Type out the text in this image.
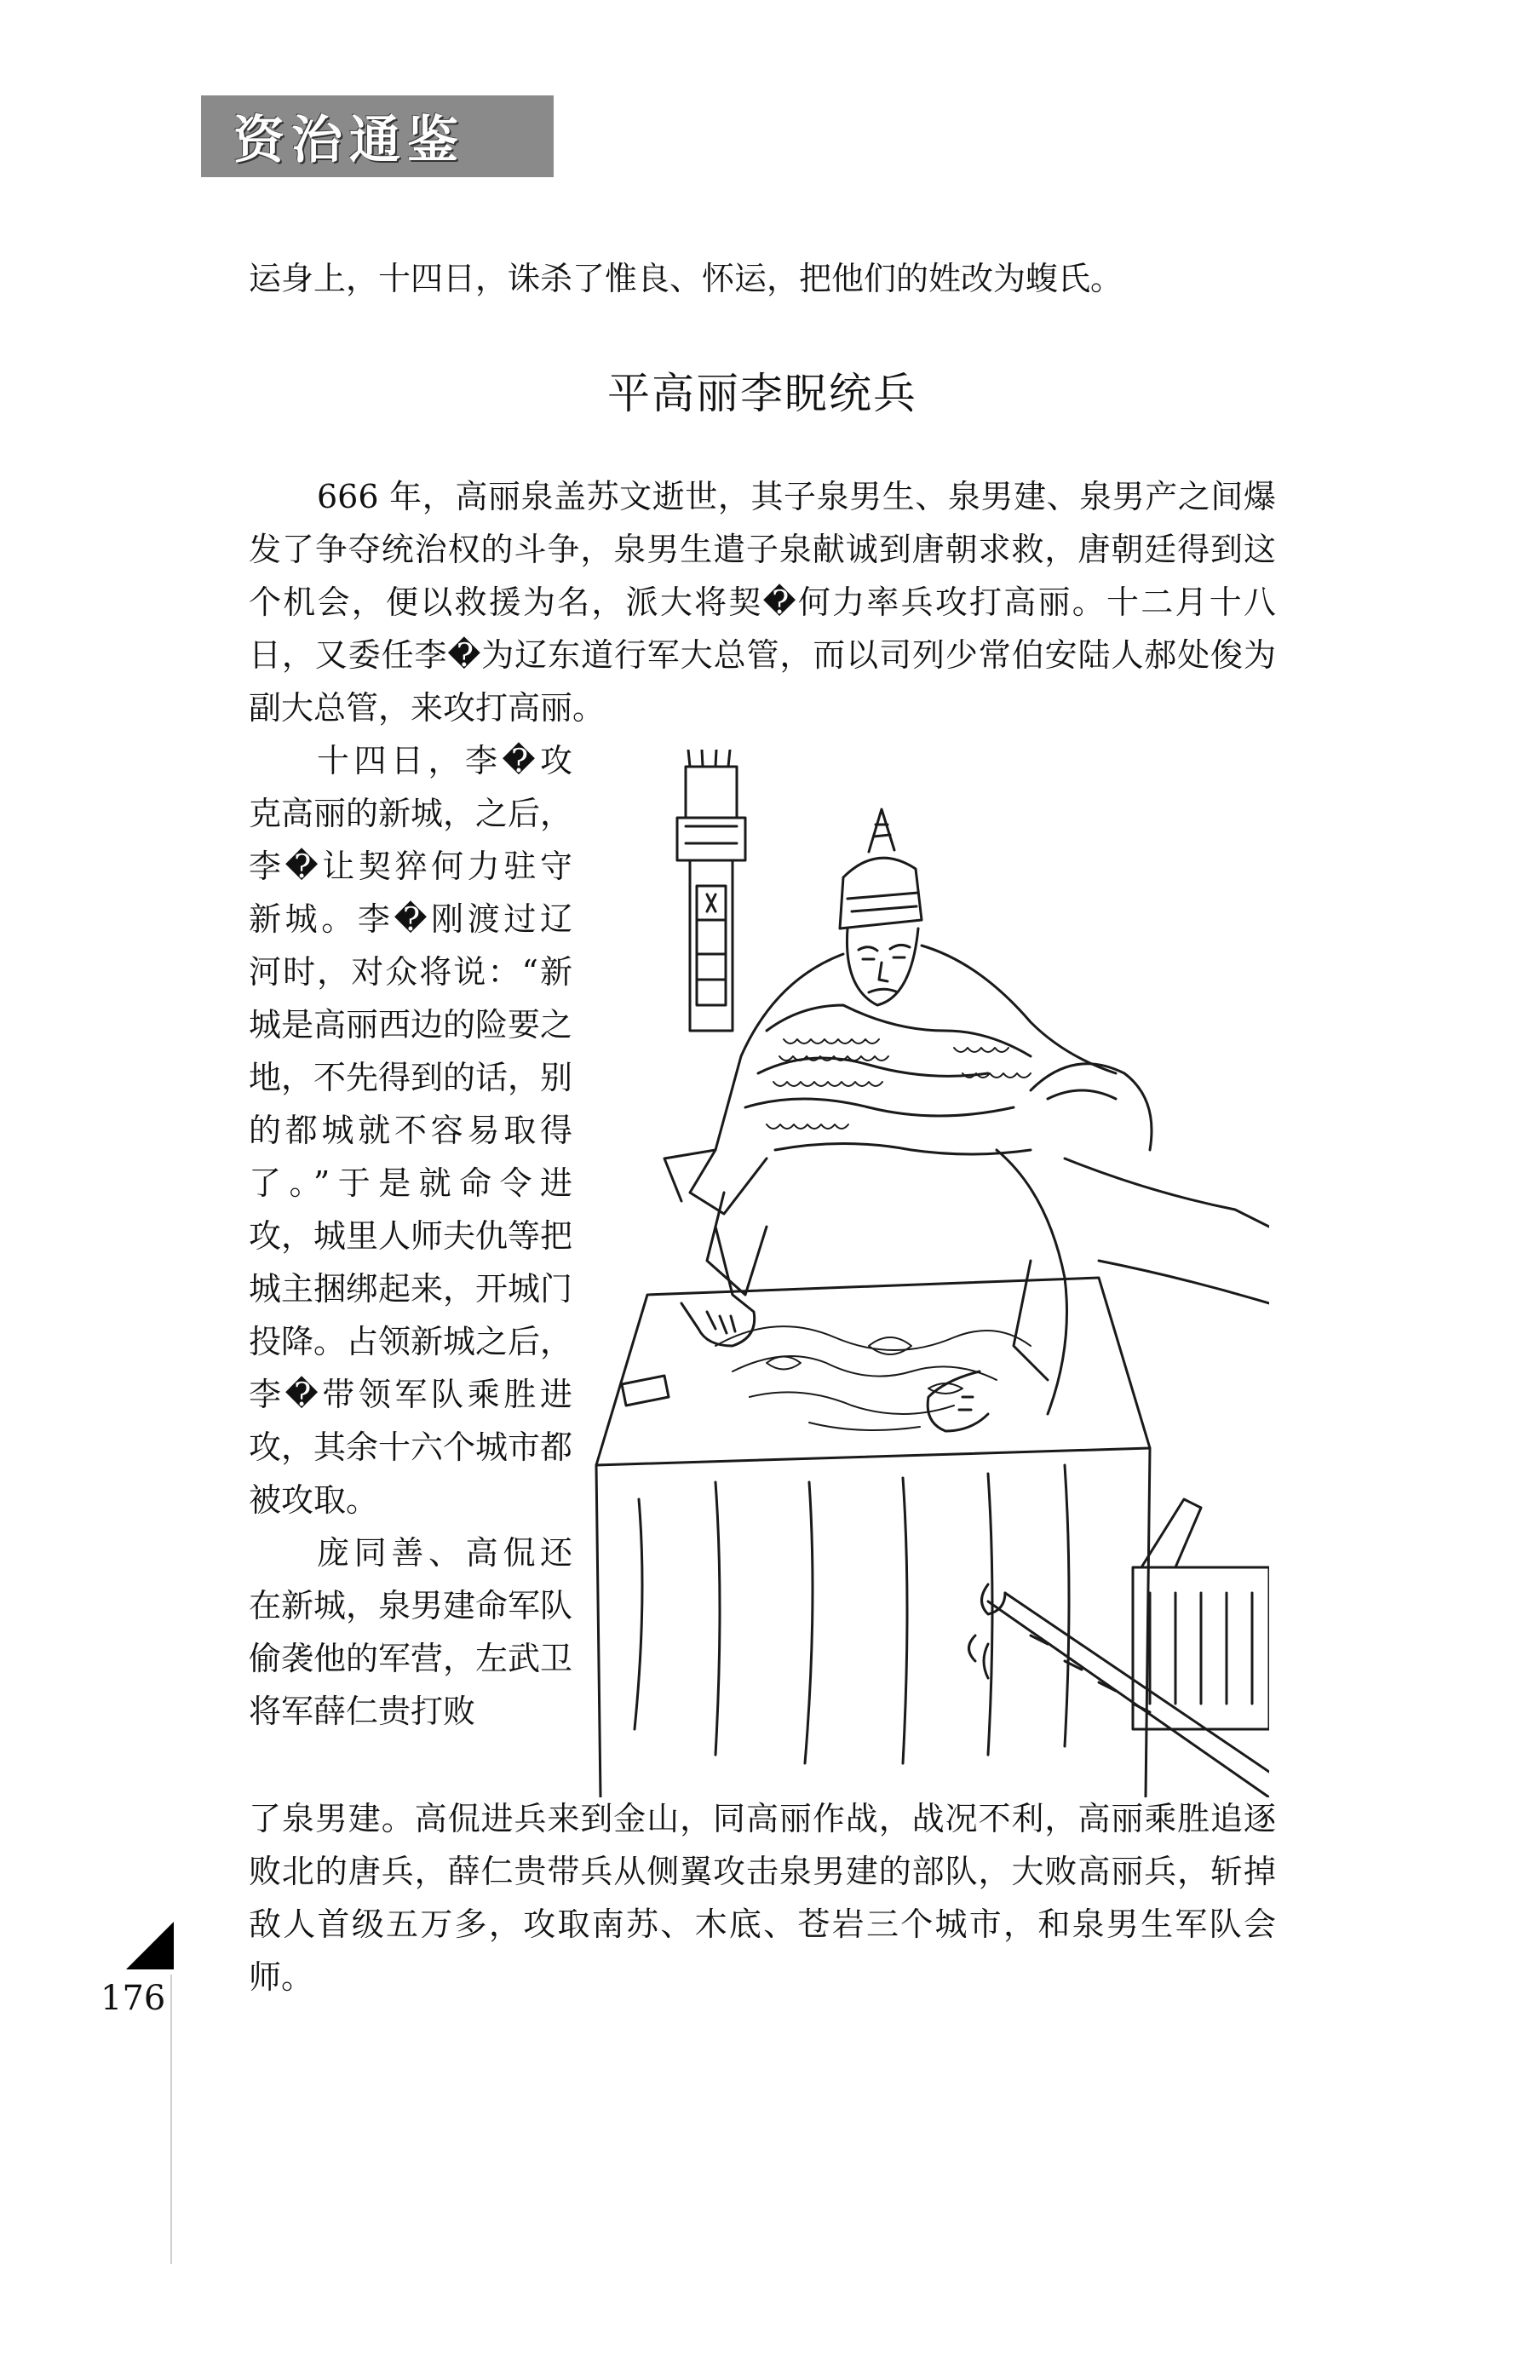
资治通鉴

运身上，十四日，诛杀了惟良、怀运，把他们的姓改为蝮氏。

平高丽李眖统兵

666 年，高丽泉盖苏文逝世，其子泉男生、泉男建、泉男产之间爆发了争夺统治权的斗争，泉男生遣子泉献诚到唐朝求救，唐朝廷得到这个机会，便以救援为名，派大将契�何力率兵攻打高丽。十二月十八日，又委任李�为辽东道行军大总管，而以司列少常伯安陆人郝处俊为副大总管，来攻打高丽。

十四日，李�攻克高丽的新城，之后，李�让契猝何力驻守新城。李�刚渡过辽河时，对众将说：“新城是高丽西边的险要之地，不先得到的话，别的都城就不容易取得了。”于是就命令进攻，城里人师夫仇等把城主捆绑起来，开城门投降。占领新城之后，李�带领军队乘胜进攻，其余十六个城市都被攻取。

庞同善、高侃还在新城，泉男建命军队偷袭他的军营，左武卫将军薛仁贵打败

了泉男建。高侃进兵来到金山，同高丽作战，战况不利，高丽乘胜追逐败北的唐兵，薛仁贵带兵从侧翼攻击泉男建的部队，大败高丽兵，斩掉敌人首级五万多，攻取南苏、木底、苍岩三个城市，和泉男生军队会师。

176
